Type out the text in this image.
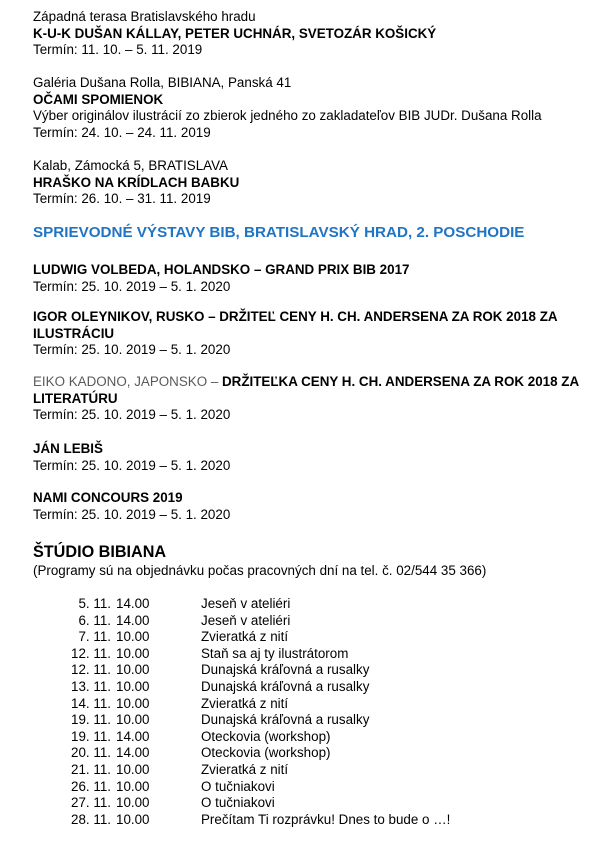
Západná terasa Bratislavského hradu
K-U-K DUŠAN KÁLLAY, PETER UCHNÁR, SVETOZÁR KOŠICKÝ
Termín: 11. 10. – 5. 11. 2019
Galéria Dušana Rolla, BIBIANA, Panská 41
OČAMI SPOMIENOK
Výber originálov ilustrácií zo zbierok jedného zo zakladateľov BIB JUDr. Dušana Rolla
Termín: 24. 10. – 24. 11. 2019
Kalab, Zámocká 5, BRATISLAVA
HRAŠKO NA KRÍDLACH BABKU
Termín: 26. 10. – 31. 11. 2019
SPRIEVODNÉ VÝSTAVY BIB, BRATISLAVSKÝ HRAD, 2. POSCHODIE
LUDWIG VOLBEDA, HOLANDSKO – GRAND PRIX BIB 2017
Termín: 25. 10. 2019 – 5. 1. 2020
IGOR OLEYNIKOV, RUSKO – DRŽITEĽ CENY H. CH. ANDERSENA ZA ROK 2018 ZA ILUSTRÁCIU
Termín: 25. 10. 2019 – 5. 1. 2020
EIKO KADONO, JAPONSKO – DRŽITEĽKA CENY H. CH. ANDERSENA ZA ROK 2018 ZA LITERATÚRU
Termín: 25. 10. 2019 – 5. 1. 2020
JÁN LEBIŠ
Termín: 25. 10. 2019 – 5. 1. 2020
NAMI CONCOURS 2019
Termín: 25. 10. 2019 – 5. 1. 2020
ŠTÚDIO BIBIANA
(Programy sú na objednávku počas pracovných dní na tel. č. 02/544 35 366)
5. 11. 14.00	Jeseň v ateliéri
6. 11. 14.00	Jeseň v ateliéri
7. 11. 10.00	Zvieratká z nití
12. 11. 10.00	Staň sa aj ty ilustrátorom
12. 11. 10.00	Dunajská kráľovná a rusalky
13. 11. 10.00	Dunajská kráľovná a rusalky
14. 11. 10.00	Zvieratká z nití
19. 11. 10.00	Dunajská kráľovná a rusalky
19. 11. 14.00	Oteckovia (workshop)
20. 11. 14.00	Oteckovia (workshop)
21. 11. 10.00	Zvieratká z nití
26. 11. 10.00	O tučniakovi
27. 11. 10.00	O tučniakovi
28. 11. 10.00	Prečítam Ti rozprávku! Dnes to bude o …!
